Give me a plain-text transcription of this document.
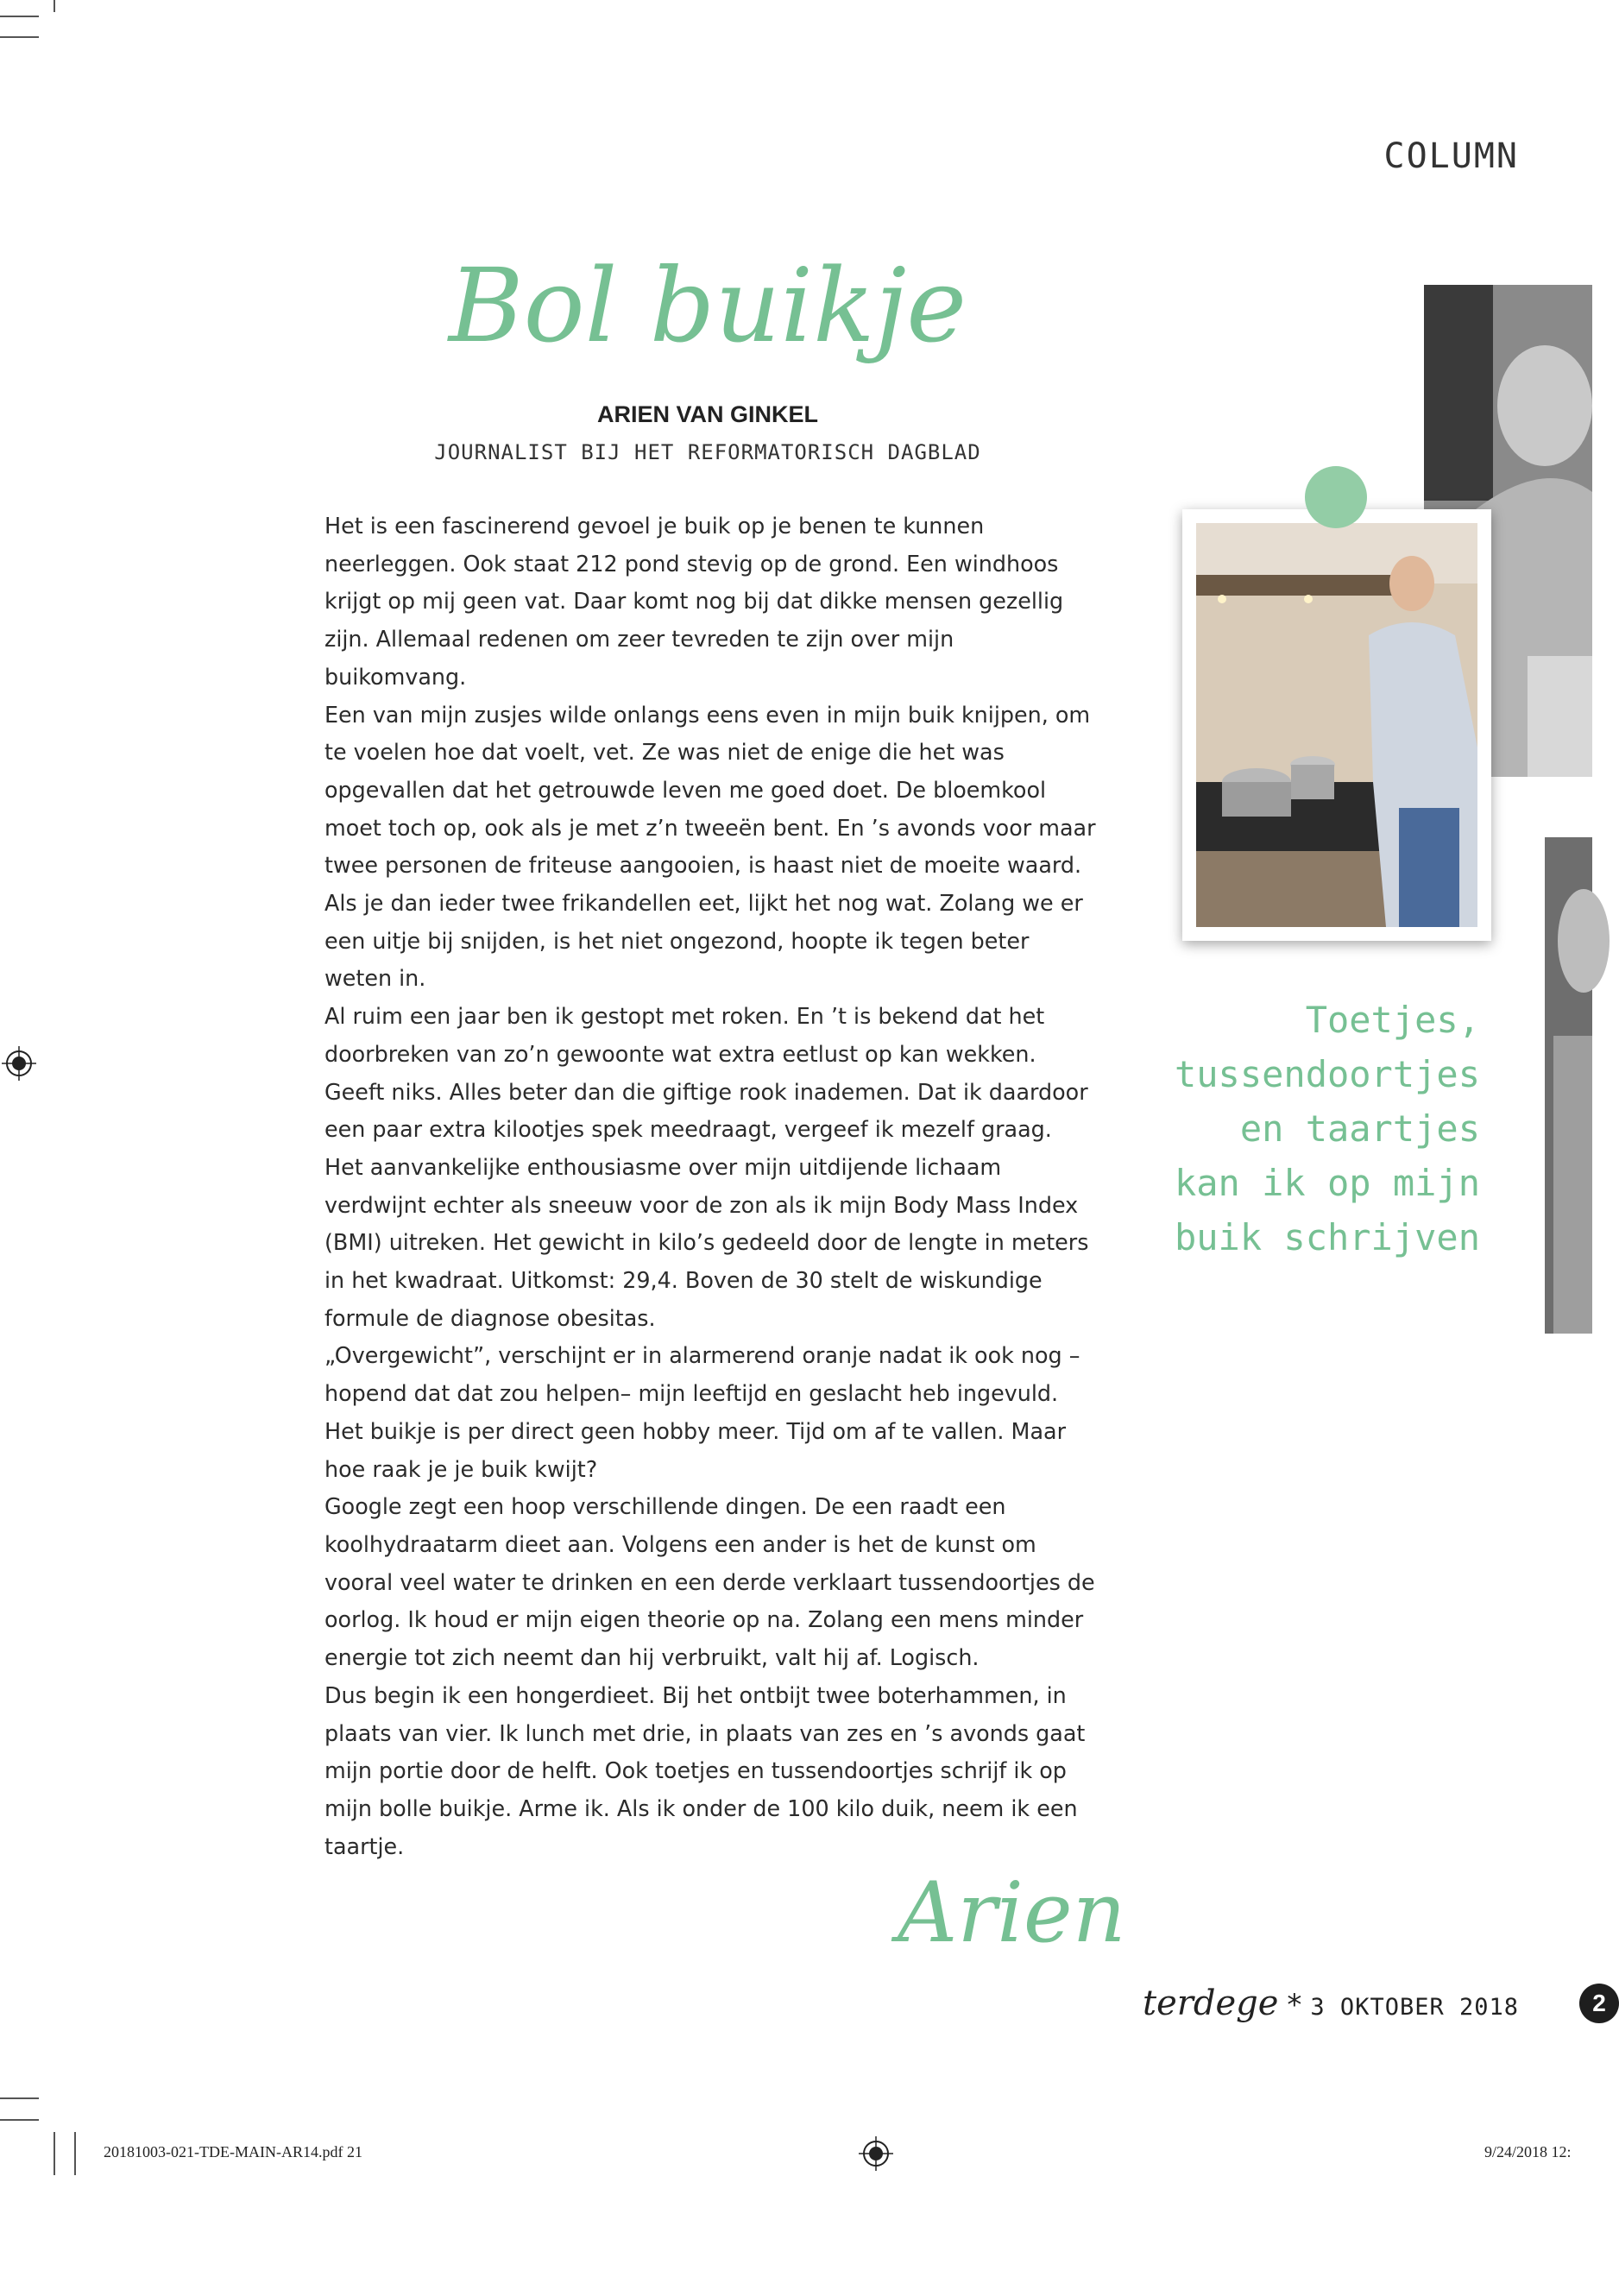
COLUMN
Bol buikje
ARIEN VAN GINKEL
JOURNALIST BIJ HET REFORMATORISCH DAGBLAD

Het is een fascinerend gevoel je buik op je benen te kunnen neerleggen. Ook staat 212 pond stevig op de grond. Een windhoos krijgt op mij geen vat. Daar komt nog bij dat dikke mensen gezellig zijn. Allemaal redenen om zeer tevreden te zijn over mijn buikomvang.

Een van mijn zusjes wilde onlangs eens even in mijn buik knijpen, om te voelen hoe dat voelt, vet. Ze was niet de enige die het was opgevallen dat het getrouwde leven me goed doet. De bloemkool moet toch op, ook als je met z’n tweeën bent. En ’s avonds voor maar twee personen de friteuse aangooien, is haast niet de moeite waard. Als je dan ieder twee frikandellen eet, lijkt het nog wat. Zolang we er een uitje bij snijden, is het niet ongezond, hoopte ik tegen beter weten in.

Al ruim een jaar ben ik gestopt met roken. En ’t is bekend dat het doorbreken van zo’n gewoonte wat extra eetlust op kan wekken. Geeft niks. Alles beter dan die giftige rook inademen. Dat ik daardoor een paar extra kilootjes spek meedraagt, vergeef ik mezelf graag.

Het aanvankelijke enthousiasme over mijn uitdijende lichaam verdwijnt echter als sneeuw voor de zon als ik mijn Body Mass Index (BMI) uitreken. Het gewicht in kilo’s gedeeld door de lengte in meters in het kwadraat. Uitkomst: 29,4. Boven de 30 stelt de wiskundige formule de diagnose obesitas.

„Overgewicht”, verschijnt er in alarmerend oranje nadat ik ook nog –hopend dat dat zou helpen– mijn leeftijd en geslacht heb ingevuld. Het buikje is per direct geen hobby meer. Tijd om af te vallen. Maar hoe raak je je buik kwijt?

Google zegt een hoop verschillende dingen. De een raadt een koolhydraatarm dieet aan. Volgens een ander is het de kunst om vooral veel water te drinken en een derde verklaart tussendoortjes de oorlog. Ik houd er mijn eigen theorie op na. Zolang een mens minder energie tot zich neemt dan hij verbruikt, valt hij af. Logisch.

Dus begin ik een hongerdieet. Bij het ontbijt twee boterhammen, in plaats van vier. Ik lunch met drie, in plaats van zes en ’s avonds gaat mijn portie door de helft. Ook toetjes en tussendoortjes schrijf ik op mijn bolle buikje. Arme ik. Als ik onder de 100 kilo duik, neem ik een taartje.

Toetjes, tussendoortjes en taartjes kan ik op mijn buik schrijven
Arien
terdege * 3 OKTOBER 2018	2
20181003-021-TDE-MAIN-AR14.pdf 21	9/24/2018 12:
